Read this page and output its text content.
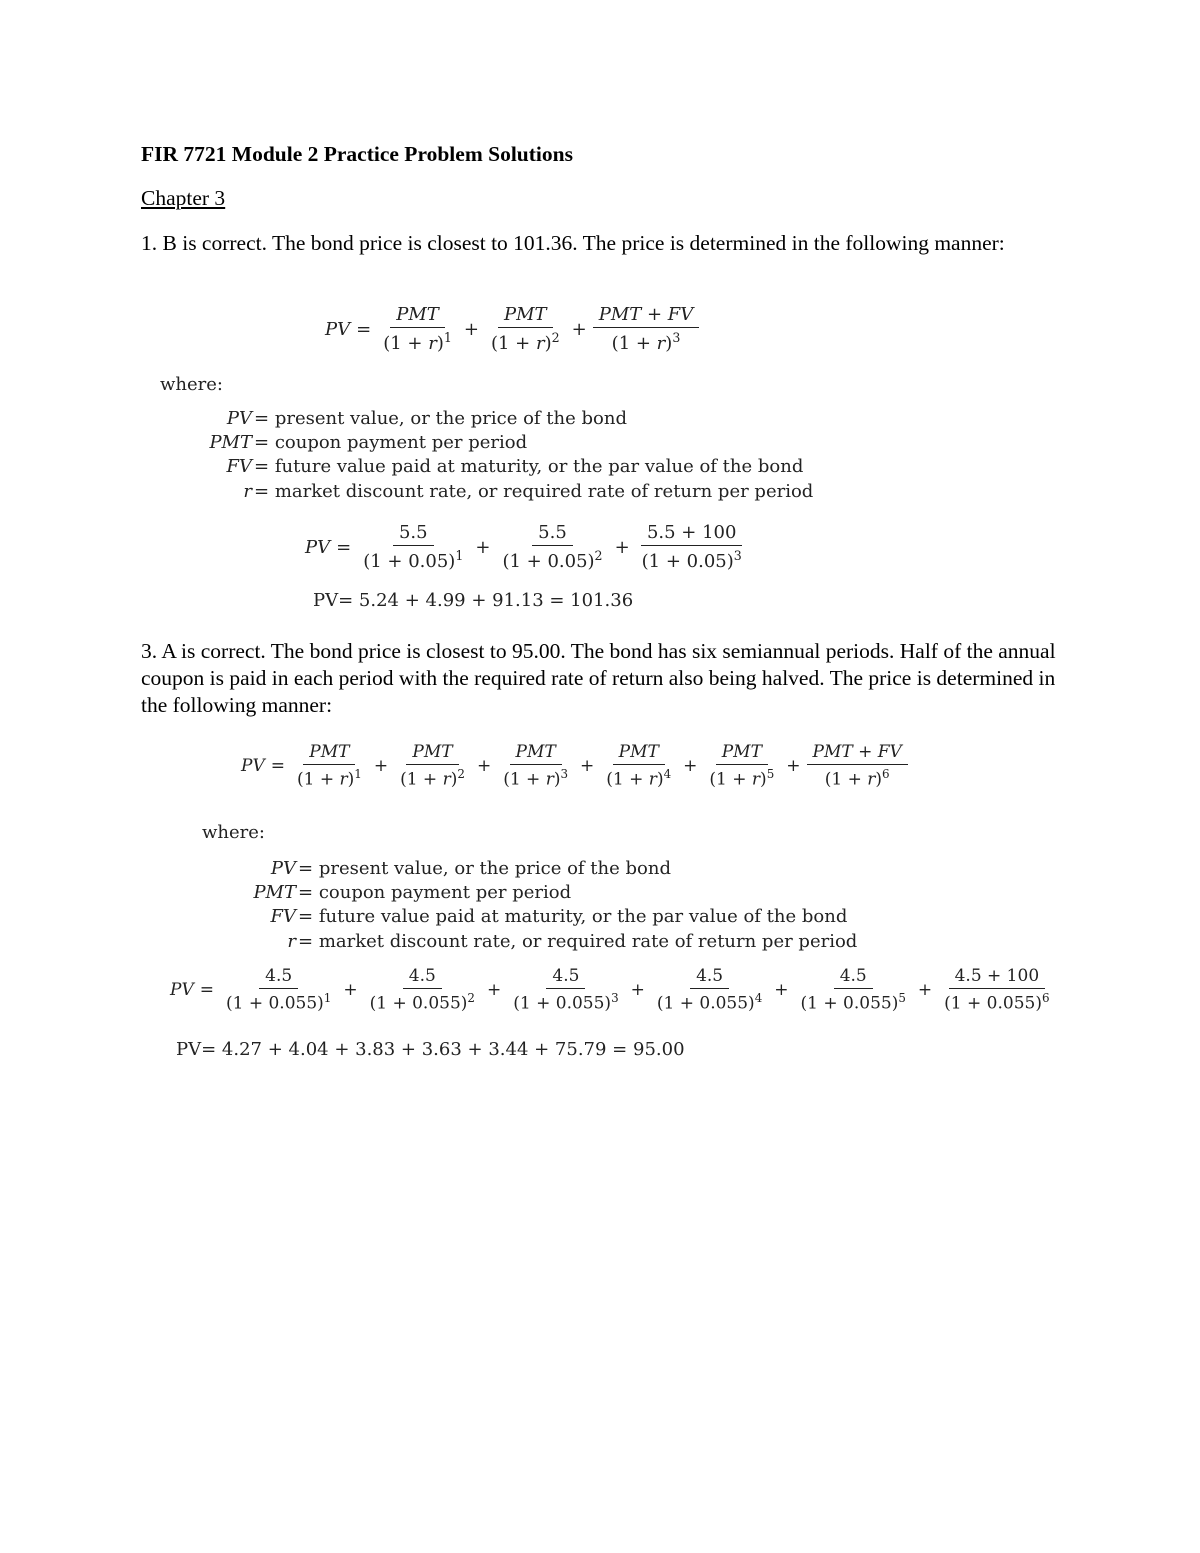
FIR 7721 Module 2 Practice Problem Solutions
Chapter 3
1. B is correct. The bond price is closest to 101.36. The price is determined in the following manner:
PV = $\frac{\text{PMT}}{(1 + r)^1} + \frac{\text{PMT}}{(1 + r)^2} + \frac{\text{PMT + FV}}{(1 + r)^3}$
where:
PV = present value, or the price of the bond
PMT = coupon payment per period
FV = future value paid at maturity, or the par value of the bond
r = market discount rate, or required rate of return per period
PV = $\frac{5.5}{(1 + 0.05)^1} + \frac{5.5}{(1 + 0.05)^2} + \frac{5.5 + 100}{(1 + 0.05)^3}$
PV= 5.24 + 4.99 + 91.13 = 101.36
3. A is correct. The bond price is closest to 95.00. The bond has six semiannual periods. Half of the annual coupon is paid in each period with the required rate of return also being halved. The price is determined in the following manner:
PV = $\frac{\text{PMT}}{(1 + r)^1} + \frac{\text{PMT}}{(1 + r)^2} + \frac{\text{PMT}}{(1 + r)^3} + \frac{\text{PMT}}{(1 + r)^4} + \frac{\text{PMT}}{(1 + r)^5} + \frac{\text{PMT + FV}}{(1 + r)^6}$
where:
PV = present value, or the price of the bond
PMT = coupon payment per period
FV = future value paid at maturity, or the par value of the bond
r = market discount rate, or required rate of return per period
PV = $\frac{4.5}{(1 + 0.055)^1} + \frac{4.5}{(1 + 0.055)^2} + \frac{4.5}{(1 + 0.055)^3} + \frac{4.5}{(1 + 0.055)^4} + \frac{4.5}{(1 + 0.055)^5} + \frac{4.5 + 100}{(1 + 0.055)^6}$
PV= 4.27 + 4.04 + 3.83 + 3.63 + 3.44 + 75.79 = 95.00
